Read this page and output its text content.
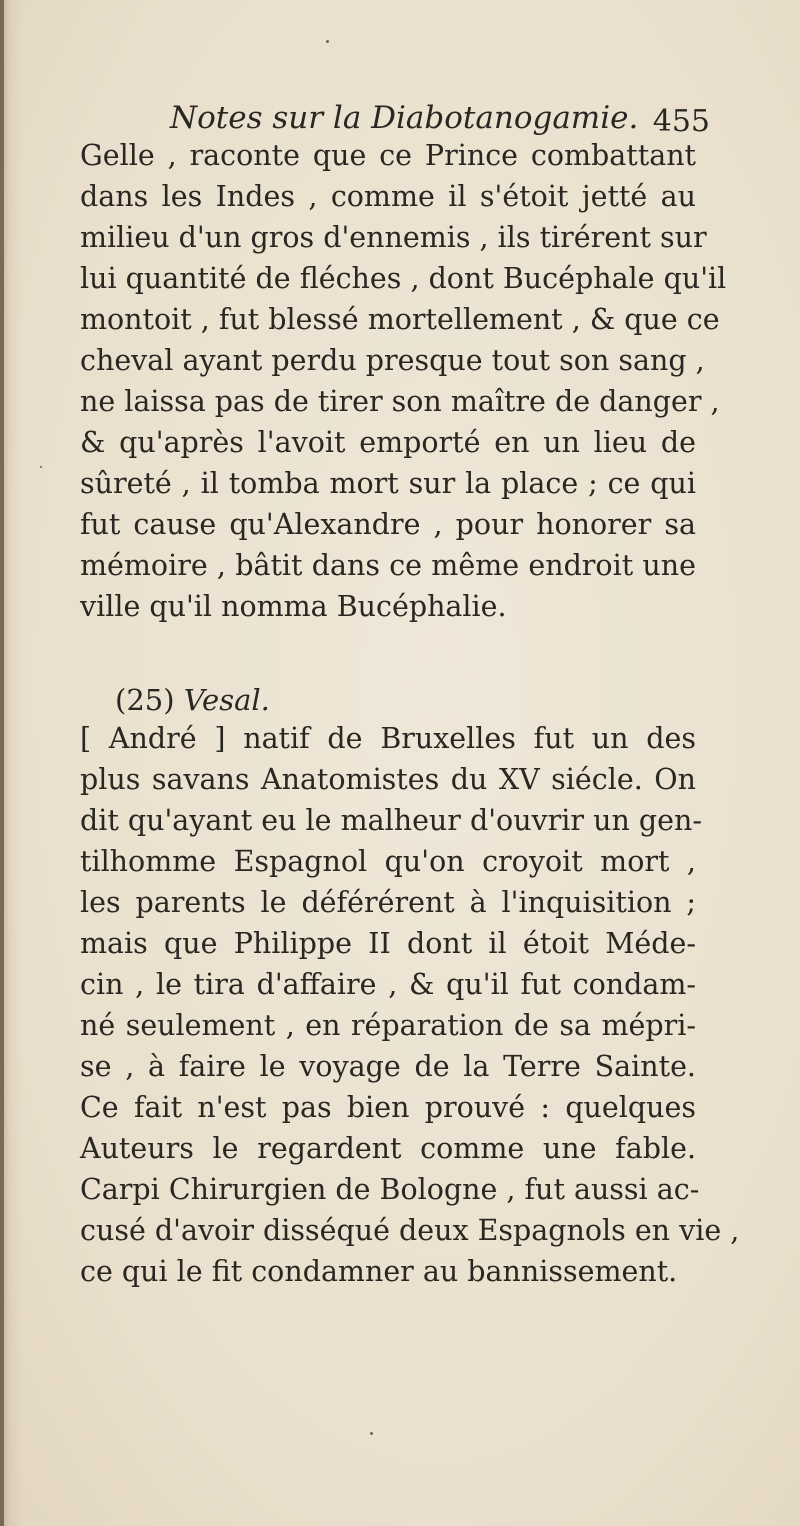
Notes sur la Diabotanogamie. 455
Gelle , raconte que ce Prince combattant
dans les Indes , comme il s'étoit jetté au
milieu d'un gros d'ennemis , ils tirérent sur
lui quantité de fléches , dont Bucéphale qu'il
montoit , fut blessé mortellement , & que ce
cheval ayant perdu presque tout son sang ,
ne laissa pas de tirer son maître de danger ,
& qu'après l'avoit emporté en un lieu de
sûreté , il tomba mort sur la place ; ce qui
fut cause qu'Alexandre , pour honorer sa
mémoire , bâtit dans ce même endroit une
ville qu'il nomma Bucéphalie.
(25) Vesal.
[ André ] natif de Bruxelles fut un des
plus savans Anatomistes du XV siécle. On
dit qu'ayant eu le malheur d'ouvrir un gen-
tilhomme Espagnol qu'on croyoit mort ,
les parents le déférérent à l'inquisition ;
mais que Philippe II dont il étoit Méde-
cin , le tira d'affaire , & qu'il fut condam-
né seulement , en réparation de sa mépri-
se , à faire le voyage de la Terre Sainte.
Ce fait n'est pas bien prouvé : quelques
Auteurs le regardent comme une fable.
Carpi Chirurgien de Bologne , fut aussi ac-
cusé d'avoir disséqué deux Espagnols en vie ,
ce qui le fit condamner au bannissement.
